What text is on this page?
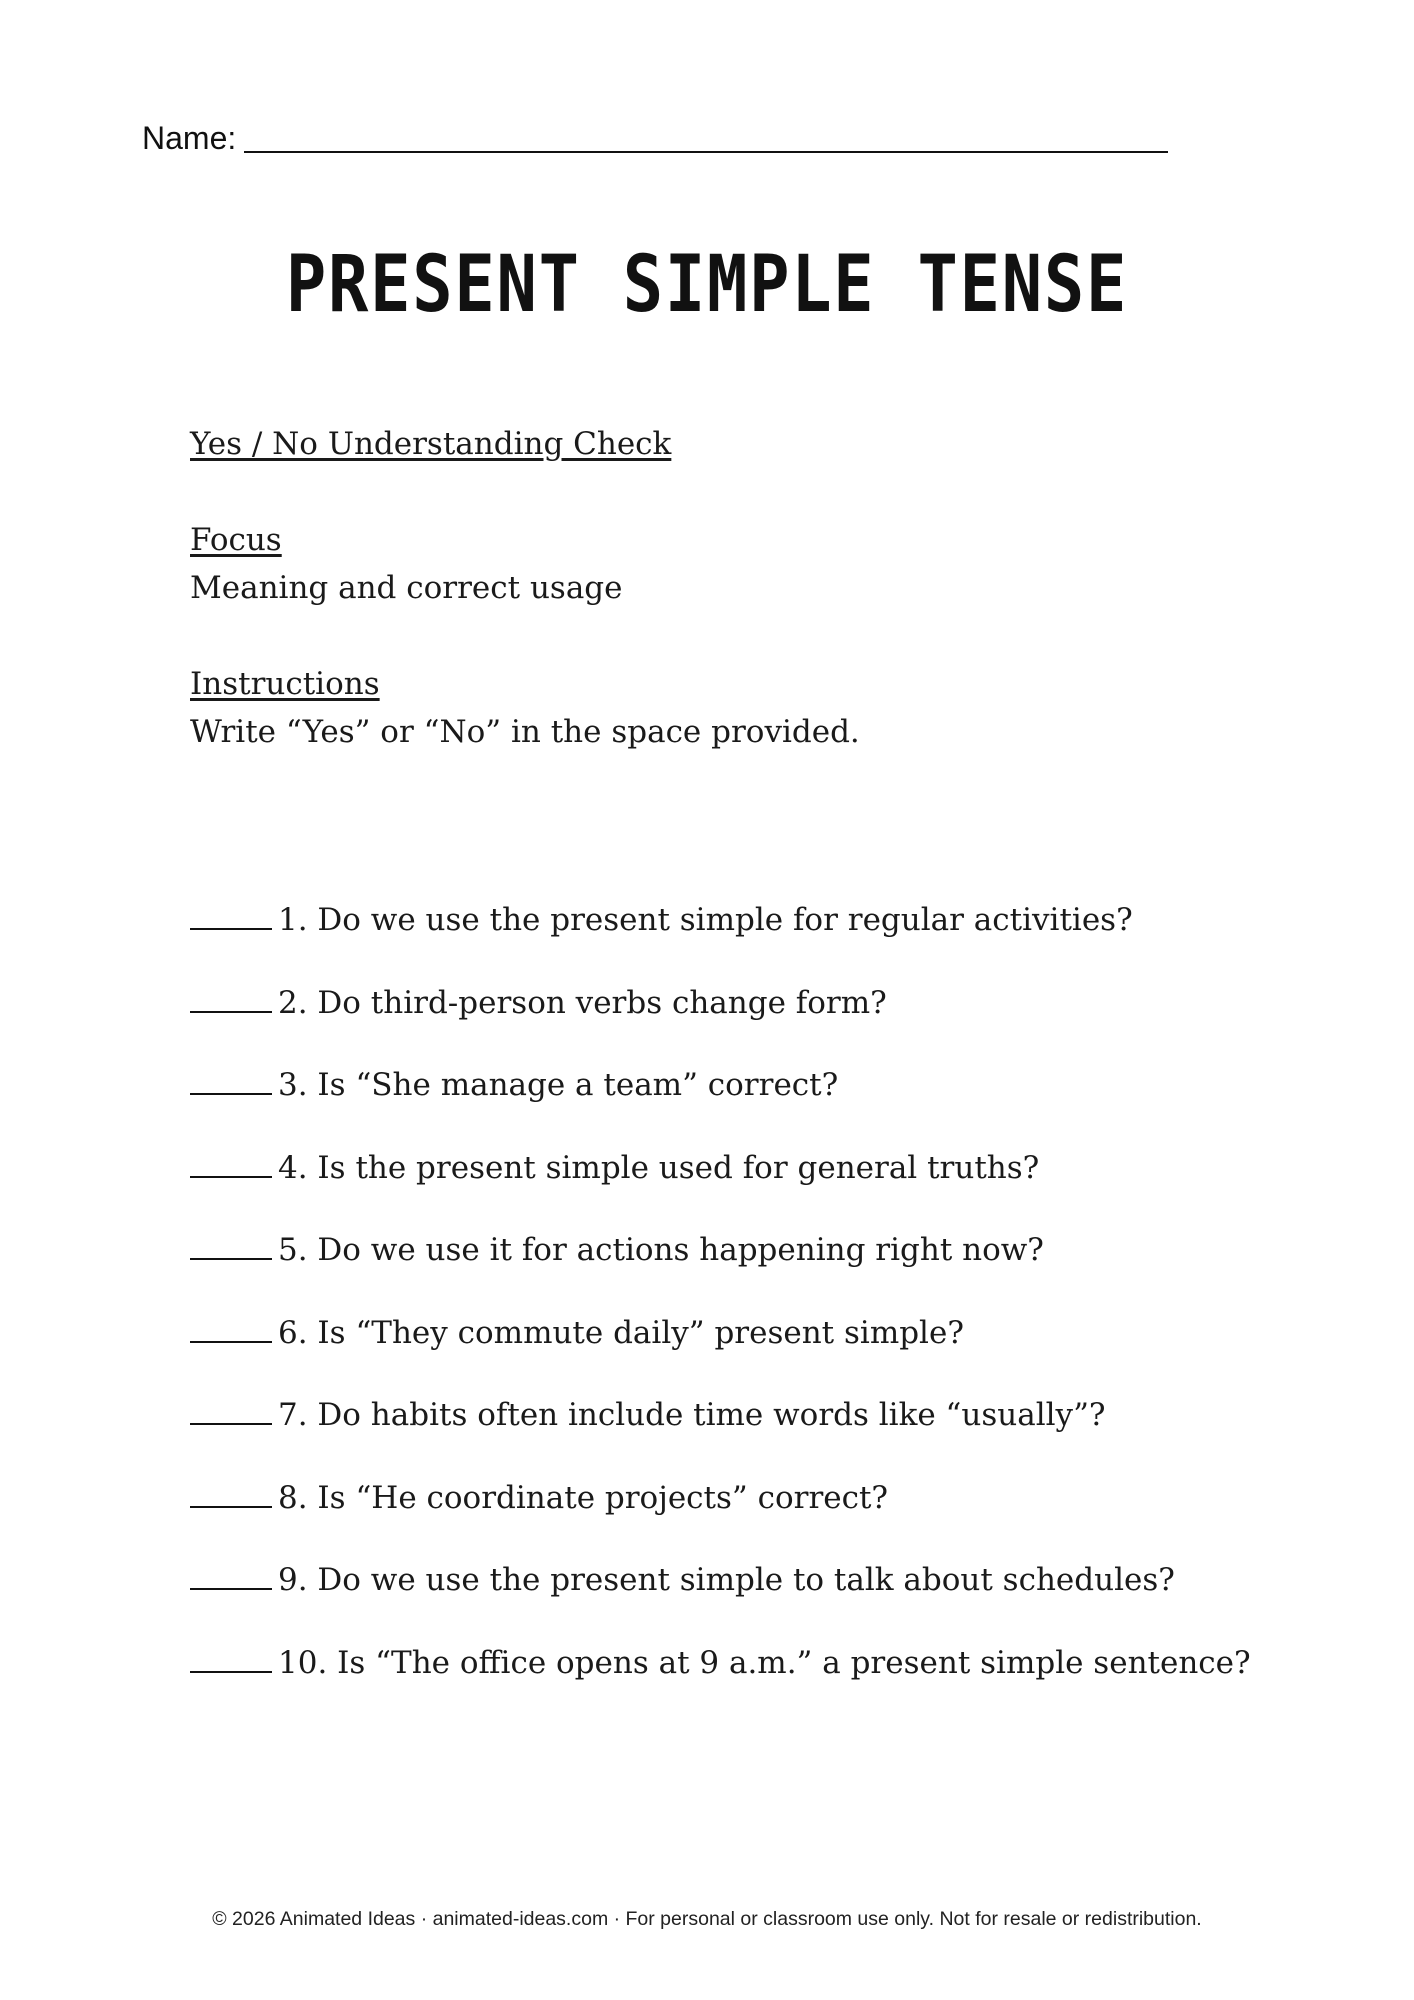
Name:
PRESENT SIMPLE TENSE
Yes / No Understanding Check
Focus
Meaning and correct usage
Instructions
Write “Yes” or “No” in the space provided.
1. Do we use the present simple for regular activities?
2. Do third-person verbs change form?
3. Is “She manage a team” correct?
4. Is the present simple used for general truths?
5. Do we use it for actions happening right now?
6. Is “They commute daily” present simple?
7. Do habits often include time words like “usually”?
8. Is “He coordinate projects” correct?
9. Do we use the present simple to talk about schedules?
10. Is “The office opens at 9 a.m.” a present simple sentence?
© 2026 Animated Ideas · animated-ideas.com · For personal or classroom use only. Not for resale or redistribution.
